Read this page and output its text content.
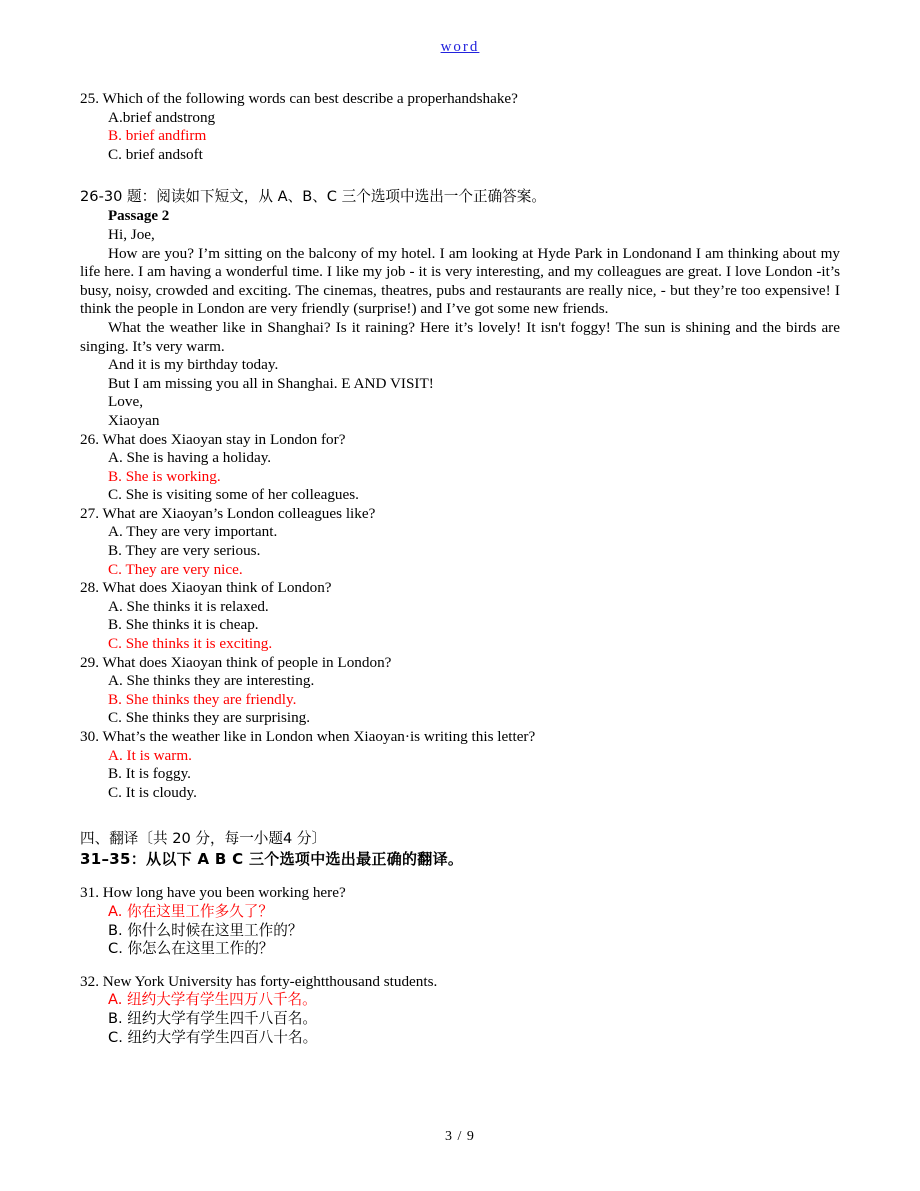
word

25. Which of the following words can best describe a properhandshake?

A.brief andstrong

B. brief andfirm

C. brief andsoft

26-30 题：阅读如下短文，从 A、B、C 三个选项中选出一个正确答案。

Passage 2

Hi, Joe,

How are you? I’m sitting on the balcony of my hotel. I am looking at Hyde Park in Londonand I am thinking about my life here. I am having a wonderful time. I like my job - it is very interesting, and my colleagues are great. I love London -it’s busy, noisy, crowded and exciting. The cinemas, theatres, pubs and restaurants are really nice, - but they’re too expensive! I think the people in London are very friendly (surprise!) and I’ve got some new friends.

What the weather like in Shanghai? Is it raining? Here it’s lovely! It isn't foggy! The sun is shining and the birds are singing. It’s very warm.

And it is my birthday today.

But I am missing you all in Shanghai. E AND VISIT!

Love,

Xiaoyan

26. What does Xiaoyan stay in London for?

A. She is having a holiday.

B. She is working.

C. She is visiting some of her colleagues.

27. What are Xiaoyan’s London colleagues like?

A. They are very important.

B. They are very serious.

C. They are very nice.

28. What does Xiaoyan think of London?

A. She thinks it is relaxed.

B. She thinks it is cheap.

C. She thinks it is exciting.

29. What does Xiaoyan think of people in London?

A. She thinks they are interesting.

B. She thinks they are friendly.

C. She thinks they are surprising.

30. What’s the weather like in London when Xiaoyan·is writing this letter?

A. It is warm.

B. It is foggy.

C. It is cloudy.

四、翻译〔共 20 分，每一小题4 分〕

31–35：从以下 A B C 三个选项中选出最正确的翻译。

31. How long have you been working here?

A. 你在这里工作多久了？

B. 你什么时候在这里工作的？

C. 你怎么在这里工作的？

32. New York University has forty-eightthousand students.

A. 纽约大学有学生四万八千名。

B. 纽约大学有学生四千八百名。

C. 纽约大学有学生四百八十名。

3 / 9
